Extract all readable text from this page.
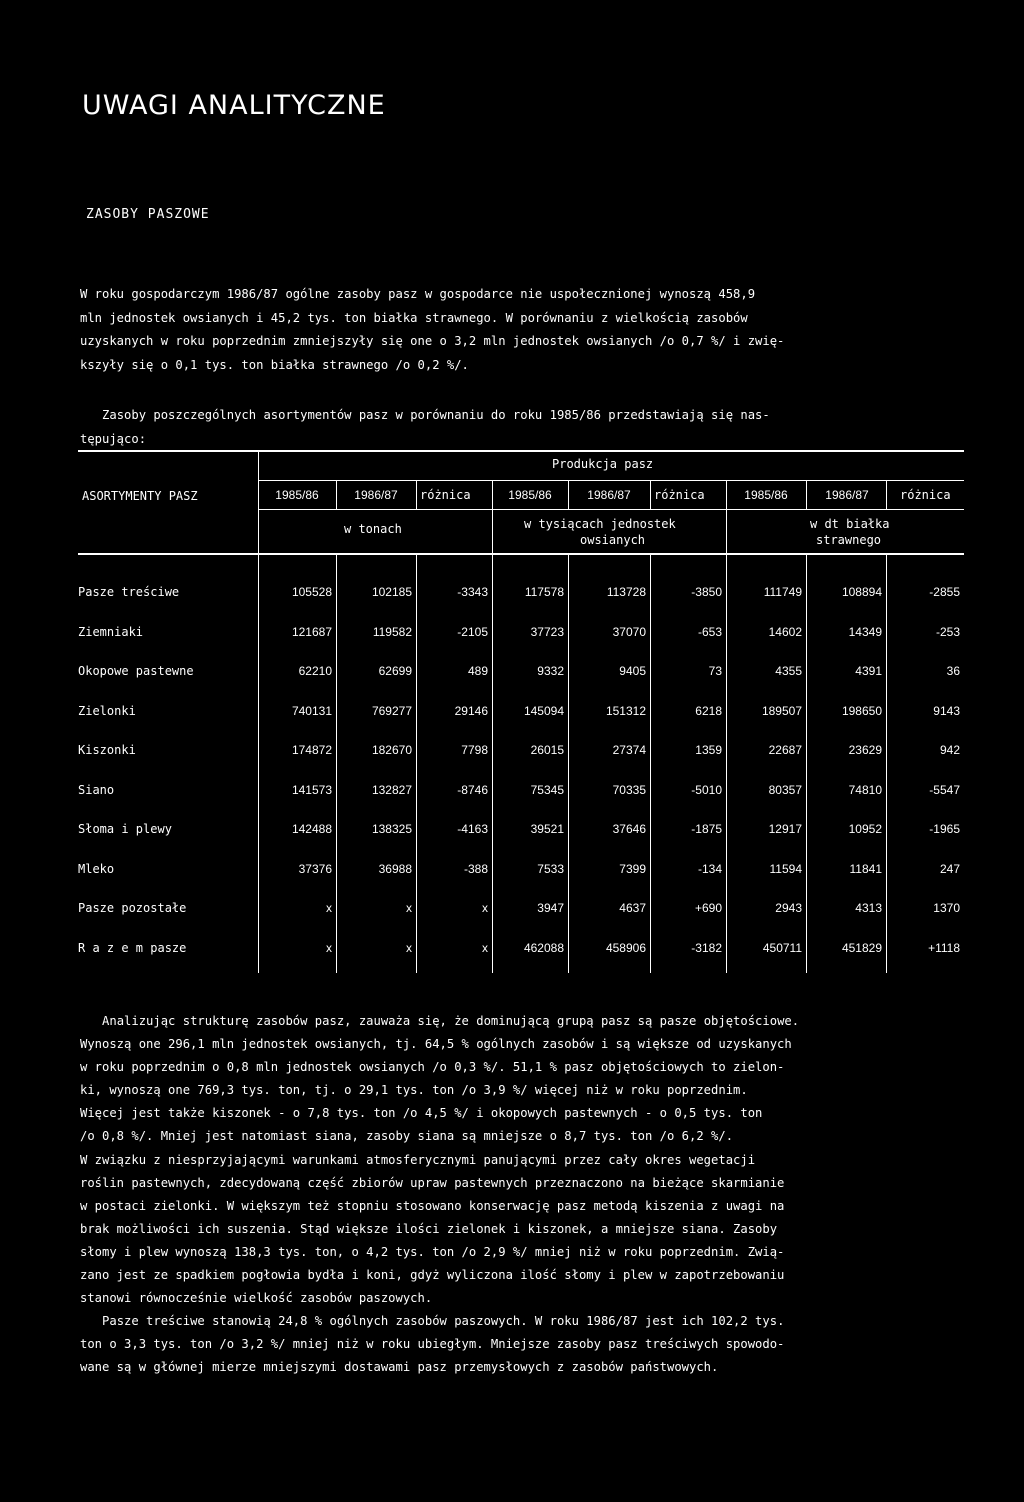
UWAGI ANALITYCZNE
ZASOBY PASZOWE
W roku gospodarczym 1986/87 ogólne zasoby pasz w gospodarce nie uspołecznionej wynoszą 458,9
mln jednostek owsianych i 45,2 tys. ton białka strawnego. W porównaniu z wielkością zasobów
uzyskanych w roku poprzednim zmniejszyły się one o 3,2 mln jednostek owsianych /o 0,7 %/ i zwię-
kszyły się o 0,1 tys. ton białka strawnego /o 0,2 %/.
Zasoby poszczególnych asortymentów pasz w porównaniu do roku 1985/86 przedstawiają się nas-
tępująco:
Produkcja pasz
ASORTYMENTY PASZ	1985/86	1986/87	różnica	1985/86	1986/87	różnica	1985/86	1986/87	różnica
w tonach	w tysiącach jednostek
owsianych
w dt białka
strawnego
Pasze treściwe	105528	102185	-3343	117578	113728	-3850	111749	108894	-2855
Ziemniaki	121687	119582	-2105	37723	37070	-653	14602	14349	-253
Okopowe pastewne	62210	62699	489	9332	9405	73	4355	4391	36
Zielonki	740131	769277	29146	145094	151312	6218	189507	198650	9143
Kiszonki	174872	182670	7798	26015	27374	1359	22687	23629	942
Siano	141573	132827	-8746	75345	70335	-5010	80357	74810	-5547
Słoma i plewy	142488	138325	-4163	39521	37646	-1875	12917	10952	-1965
Mleko	37376	36988	-388	7533	7399	-134	11594	11841	247
Pasze pozostałe	x	x	x	3947	4637	+690	2943	4313	1370
R a z e m pasze	x	x	x	462088	458906	-3182	450711	451829	+1118
Analizując strukturę zasobów pasz, zauważa się, że dominującą grupą pasz są pasze objętościowe.
Wynoszą one 296,1 mln jednostek owsianych, tj. 64,5 % ogólnych zasobów i są większe od uzyskanych
w roku poprzednim o 0,8 mln jednostek owsianych /o 0,3 %/. 51,1 % pasz objętościowych to zielon-
ki, wynoszą one 769,3 tys. ton, tj. o 29,1 tys. ton /o 3,9 %/ więcej niż w roku poprzednim.
Więcej jest także kiszonek - o 7,8 tys. ton /o 4,5 %/ i okopowych pastewnych - o 0,5 tys. ton
/o 0,8 %/. Mniej jest natomiast siana, zasoby siana są mniejsze o 8,7 tys. ton /o 6,2 %/.
W związku z niesprzyjającymi warunkami atmosferycznymi panującymi przez cały okres wegetacji
roślin pastewnych, zdecydowaną część zbiorów upraw pastewnych przeznaczono na bieżące skarmianie
w postaci zielonki. W większym też stopniu stosowano konserwację pasz metodą kiszenia z uwagi na
brak możliwości ich suszenia. Stąd większe ilości zielonek i kiszonek, a mniejsze siana. Zasoby
słomy i plew wynoszą 138,3 tys. ton, o 4,2 tys. ton /o 2,9 %/ mniej niż w roku poprzednim. Zwią-
zano jest ze spadkiem pogłowia bydła i koni, gdyż wyliczona ilość słomy i plew w zapotrzebowaniu
stanowi równocześnie wielkość zasobów paszowych.
Pasze treściwe stanowią 24,8 % ogólnych zasobów paszowych. W roku 1986/87 jest ich 102,2 tys.
ton o 3,3 tys. ton /o 3,2 %/ mniej niż w roku ubiegłym. Mniejsze zasoby pasz treściwych spowodo-
wane są w głównej mierze mniejszymi dostawami pasz przemysłowych z zasobów państwowych.
